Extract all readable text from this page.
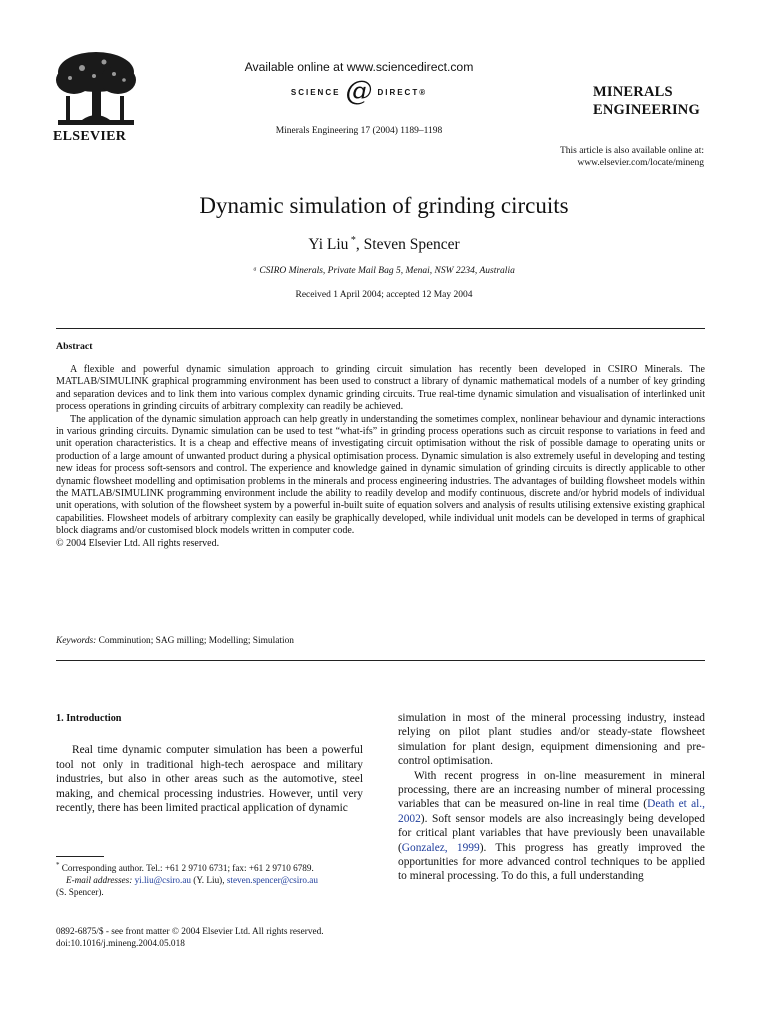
ELSEVIER
Available online at www.sciencedirect.com
SCIENCE @ DIRECT®
Minerals Engineering 17 (2004) 1189–1198
MINERALS
ENGINEERING
This article is also available online at:
www.elsevier.com/locate/mineng
Dynamic simulation of grinding circuits
Yi Liu *, Steven Spencer
ᵃ CSIRO Minerals, Private Mail Bag 5, Menai, NSW 2234, Australia
Received 1 April 2004; accepted 12 May 2004
Abstract

A flexible and powerful dynamic simulation approach to grinding circuit simulation has recently been developed in CSIRO Minerals. The MATLAB/SIMULINK graphical programming environment has been used to construct a library of dynamic mathematical models of a number of key grinding and separation devices and to link them into various complex dynamic grinding circuits. True real-time dynamic simulation and visualisation of interlinked unit process operations in grinding circuits of arbitrary complexity can readily be achieved.

The application of the dynamic simulation approach can help greatly in understanding the sometimes complex, nonlinear behaviour and dynamic interactions in various grinding circuits. Dynamic simulation can be used to test “what-ifs” in grinding process operations such as circuit response to variations in feed and unit operation characteristics. It is a cheap and effective means of investigating circuit optimisation without the risk of possible damage to operating units or production of a large amount of unwanted product during a physical optimisation process. Dynamic simulation is also extremely useful in developing and testing new ideas for process soft-sensors and control. The experience and knowledge gained in dynamic simulation of grinding circuits is directly applicable to other dynamic flowsheet modelling and optimisation problems in the minerals and process engineering industries. The advantages of building flowsheet models within the MATLAB/SIMULINK programming environment include the ability to readily develop and modify continuous, discrete and/or hybrid models of individual unit operations, with solution of the flowsheet system by a powerful in-built suite of equation solvers and analysis of results utilising extensive existing graphical capabilities. Flowsheet models of arbitrary complexity can easily be graphically developed, while individual unit models can be developed in terms of graphical block diagrams and/or customised block models written in computer code.

© 2004 Elsevier Ltd. All rights reserved.

Keywords: Comminution; SAG milling; Modelling; Simulation

1. Introduction

Real time dynamic computer simulation has been a powerful tool not only in traditional high-tech aerospace and military industries, but also in other areas such as the automotive, steel making, and chemical processing industries. However, until very recently, there has been limited practical application of dynamic

simulation in most of the mineral processing industry, instead relying on pilot plant studies and/or steady-state flowsheet simulation for plant design, equipment dimensioning and pre-control optimisation.

With recent progress in on-line measurement in mineral processing, there are an increasing number of mineral processing variables that can be measured on-line in real time (Death et al., 2002). Soft sensor models are also increasingly being developed for critical plant variables that have previously been unavailable (Gonzalez, 1999). This progress has greatly improved the opportunities for more advanced control techniques to be applied to mineral processing. To do this, a full understanding

* Corresponding author. Tel.: +61 2 9710 6731; fax: +61 2 9710 6789.

E-mail addresses: yi.liu@csiro.au (Y. Liu), steven.spencer@csiro.au
(S. Spencer).

0892-6875/$ - see front matter © 2004 Elsevier Ltd. All rights reserved.
doi:10.1016/j.mineng.2004.05.018
